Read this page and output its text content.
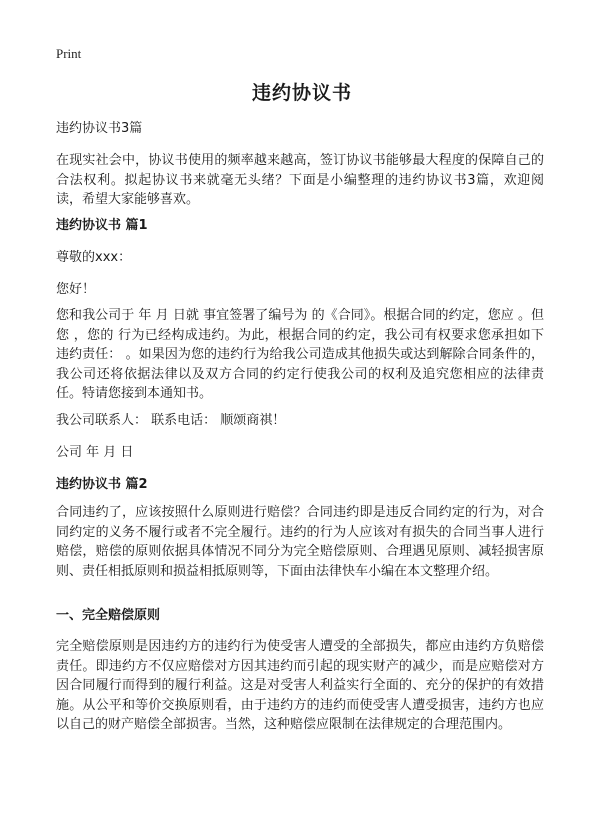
Print
违约协议书

违约协议书3篇

在现实社会中，协议书使用的频率越来越高，签订协议书能够最大程度的保障自己的合法权利。拟起协议书来就毫无头绪？下面是小编整理的违约协议书3篇，欢迎阅读，希望大家能够喜欢。

违约协议书 篇1

尊敬的xxx：

您好！

您和我公司于 年 月 日就 事宜签署了编号为 的《合同》。根据合同的约定，您应 。但您 ，您的 行为已经构成违约。为此，根据合同的约定，我公司有权要求您承担如下违约责任： 。如果因为您的违约行为给我公司造成其他损失或达到解除合同条件的，我公司还将依据法律以及双方合同的约定行使我公司的权利及追究您相应的法律责任。特请您接到本通知书。

我公司联系人： 联系电话： 顺颂商祺！

公司 年 月 日

违约协议书 篇2

合同违约了，应该按照什么原则进行赔偿？合同违约即是违反合同约定的行为，对合同约定的义务不履行或者不完全履行。违约的行为人应该对有损失的合同当事人进行赔偿，赔偿的原则依据具体情况不同分为完全赔偿原则、合理遇见原则、减轻损害原则、责任相抵原则和损益相抵原则等，下面由法律快车小编在本文整理介绍。

一、完全赔偿原则

完全赔偿原则是因违约方的违约行为使受害人遭受的全部损失，都应由违约方负赔偿责任。即违约方不仅应赔偿对方因其违约而引起的现实财产的减少，而是应赔偿对方因合同履行而得到的履行利益。这是对受害人利益实行全面的、充分的保护的有效措施。从公平和等价交换原则看，由于违约方的违约而使受害人遭受损害，违约方也应以自己的财产赔偿全部损害。当然，这种赔偿应限制在法律规定的合理范围内。
